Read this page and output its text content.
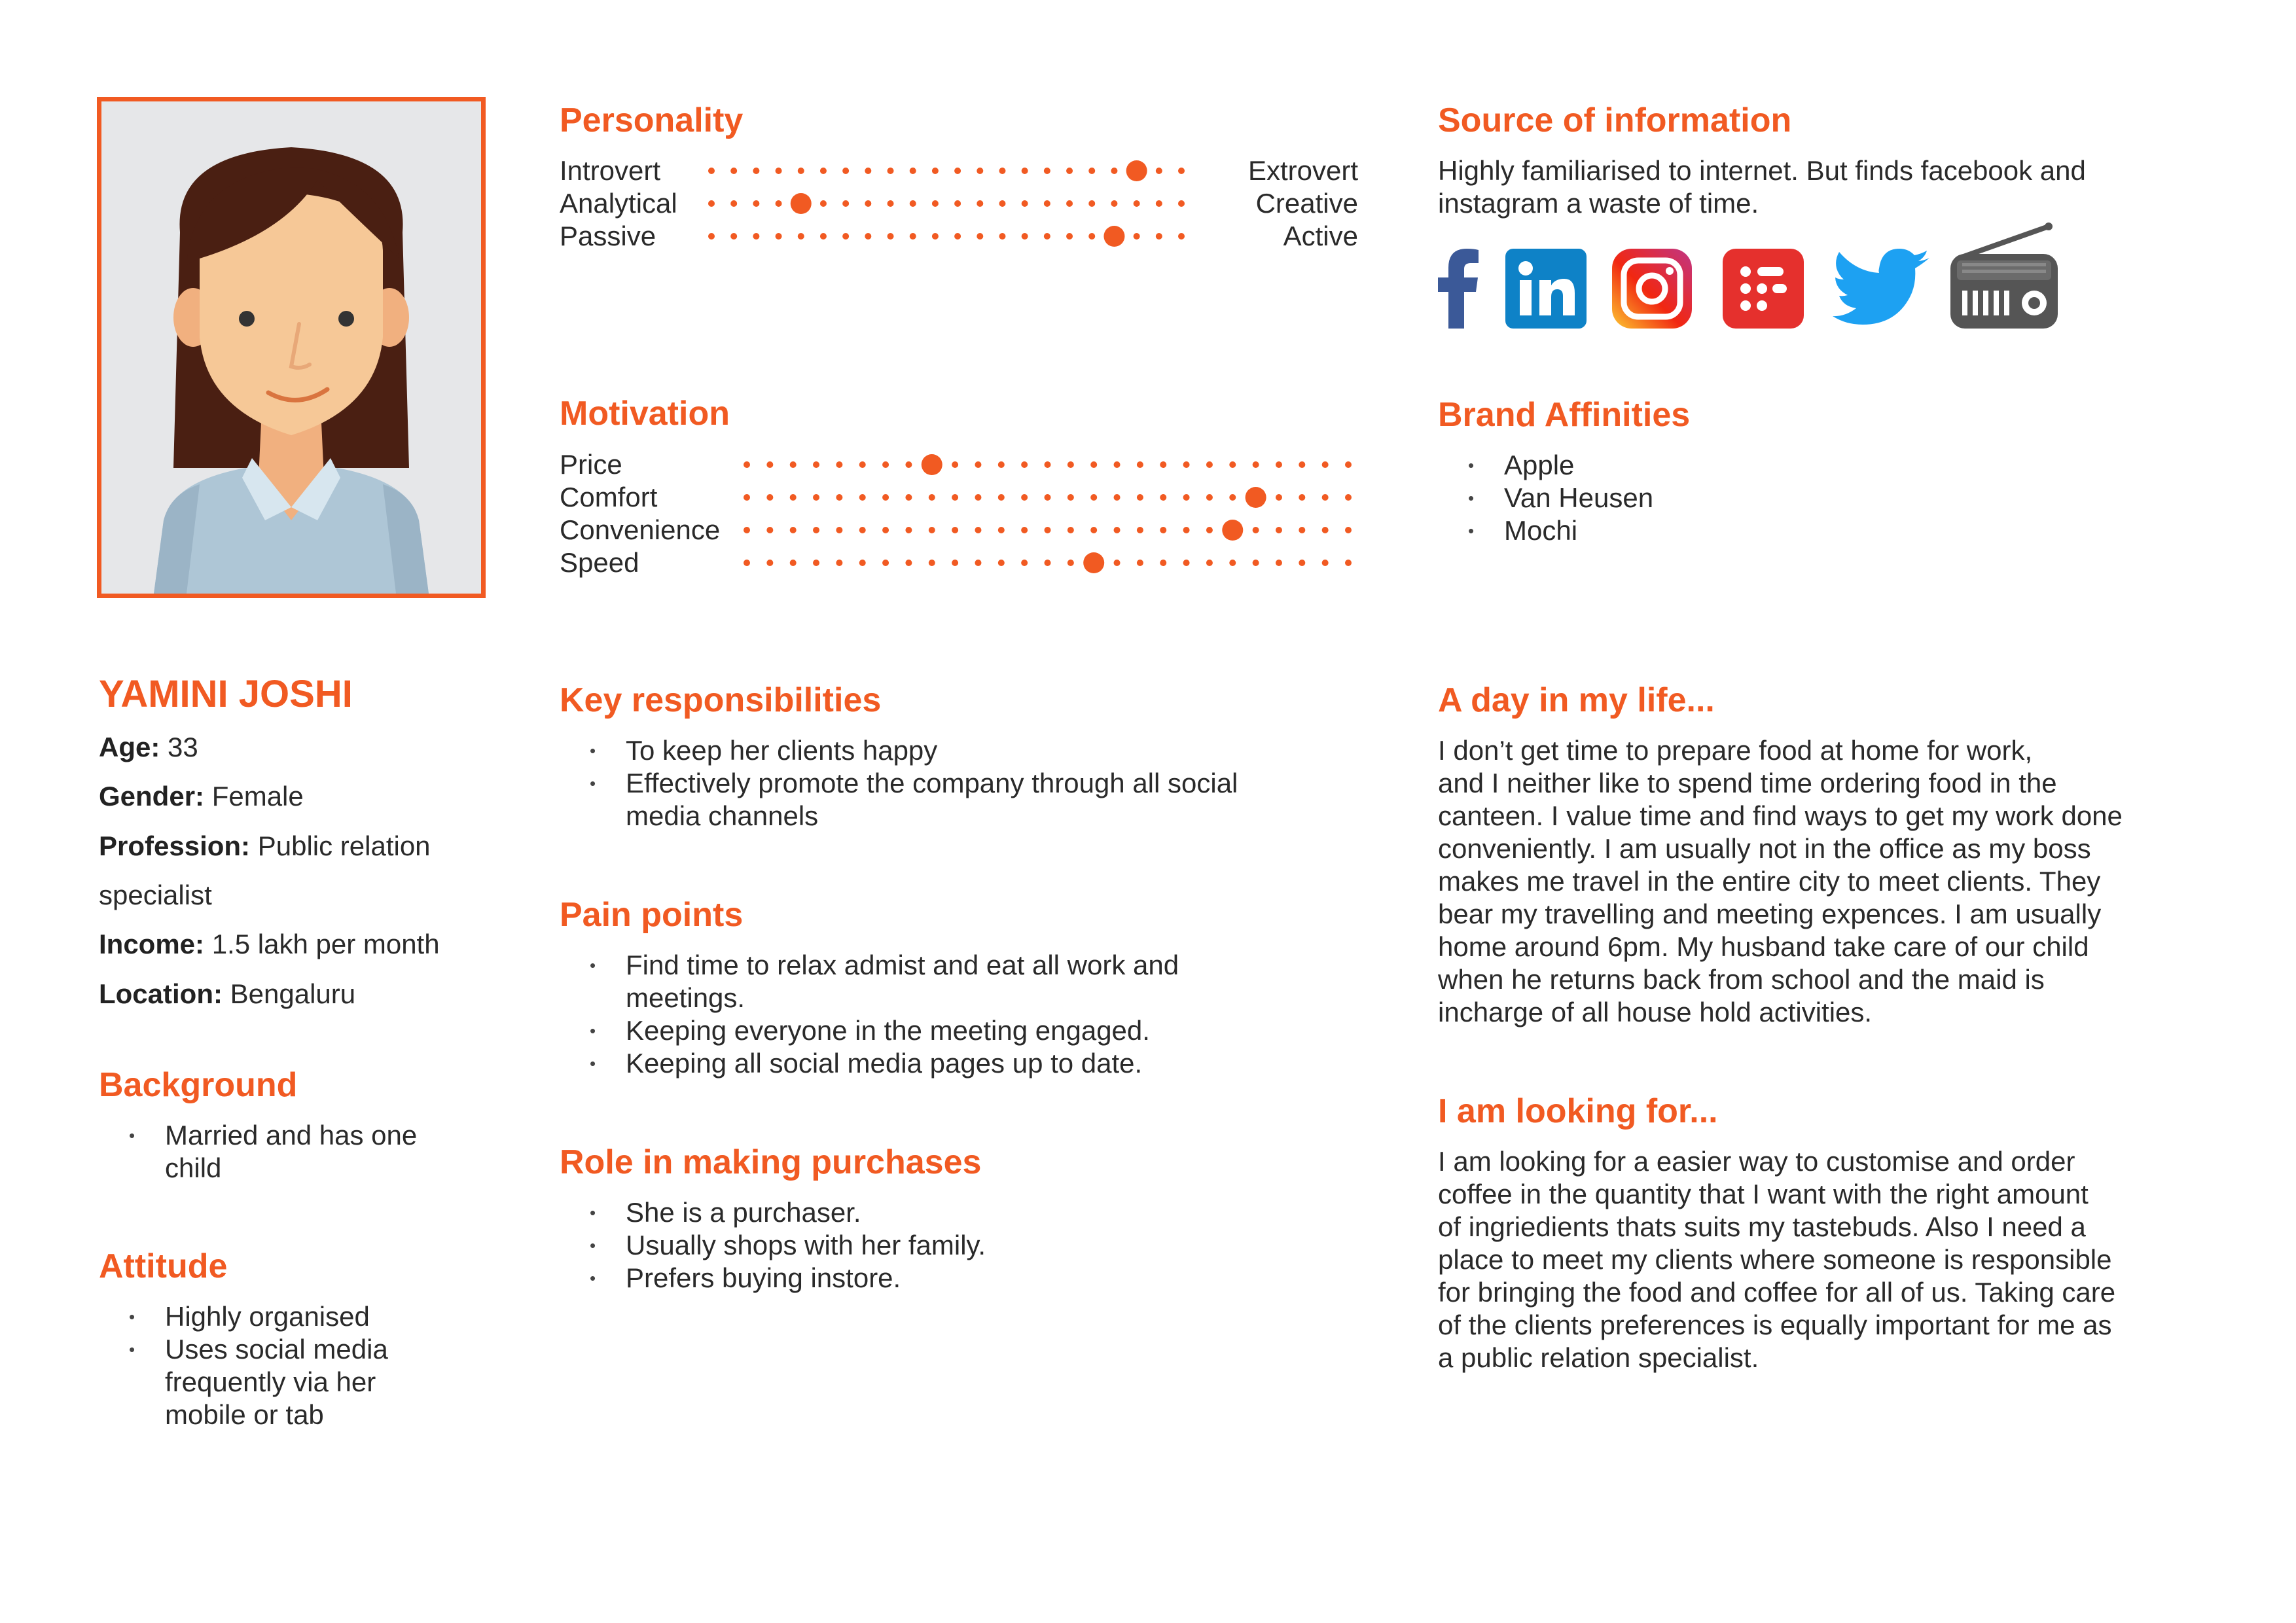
YAMINI JOSHI
Age: 33
Gender: Female
Profession: Public relation
specialist
Income: 1.5 lakh per month
Location: Bengaluru
Background
• Married and has one
child
Attitude
• Highly organised
• Uses social media
frequently via her
mobile or tab
Personality
Introvert	Extrovert
Analytical	Creative
Passive	Active
Motivation
Price
Comfort
Convenience
Speed
Key responsibilities
• To keep her clients happy
• Effectively promote the company through all social
media channels
Pain points
• Find time to relax admist and eat all work and
meetings.
• Keeping everyone in the meeting engaged.
• Keeping all social media pages up to date.
Role in making purchases
• She is a purchaser.
• Usually shops with her family.
• Prefers buying instore.
Source of information
Highly familiarised to internet. But finds facebook and
instagram a waste of time.
Brand Affinities
• Apple
• Van Heusen
• Mochi
A day in my life...
I don’t get time to prepare food at home for work,
and I neither like to spend time ordering food in the
canteen. I value time and find ways to get my work done
conveniently. I am usually not in the office as my boss
makes me travel in the entire city to meet clients. They
bear my travelling and meeting expences. I am usually
home around 6pm. My husband take care of our child
when he returns back from school and the maid is
incharge of all house hold activities.
I am looking for...
I am looking for a easier way to customise and order
coffee in the quantity that I want with the right amount
of ingriedients thats suits my tastebuds. Also I need a
place to meet my clients where someone is responsible
for bringing the food and coffee for all of us. Taking care
of the clients preferences is equally important for me as
a public relation specialist.
